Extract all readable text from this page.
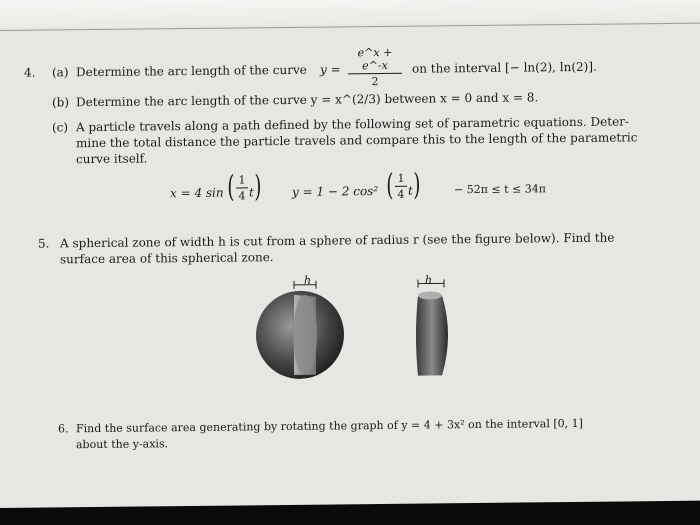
4. (a) Determine the arc length of the curve y =
e^x + e^-x
2
on the interval [− ln(2), ln(2)].
(b) Determine the arc length of the curve y = x^(2/3) between x = 0 and x = 8.
(c) A particle travels along a path defined by the following set of parametric equations. Deter-
mine the total distance the particle travels and compare this to the length of the parametric
curve itself.
x = 4 sin ( 1
4 t )	y = 1 − 2 cos² ( 1
4 t )	− 52π ≤ t ≤ 34π
5. A spherical zone of width h is cut from a sphere of radius r (see the figure below). Find the
surface area of this spherical zone.
h	h
6. Find the surface area generating by rotating the graph of y = 4 + 3x² on the interval [0, 1]
about the y-axis.
